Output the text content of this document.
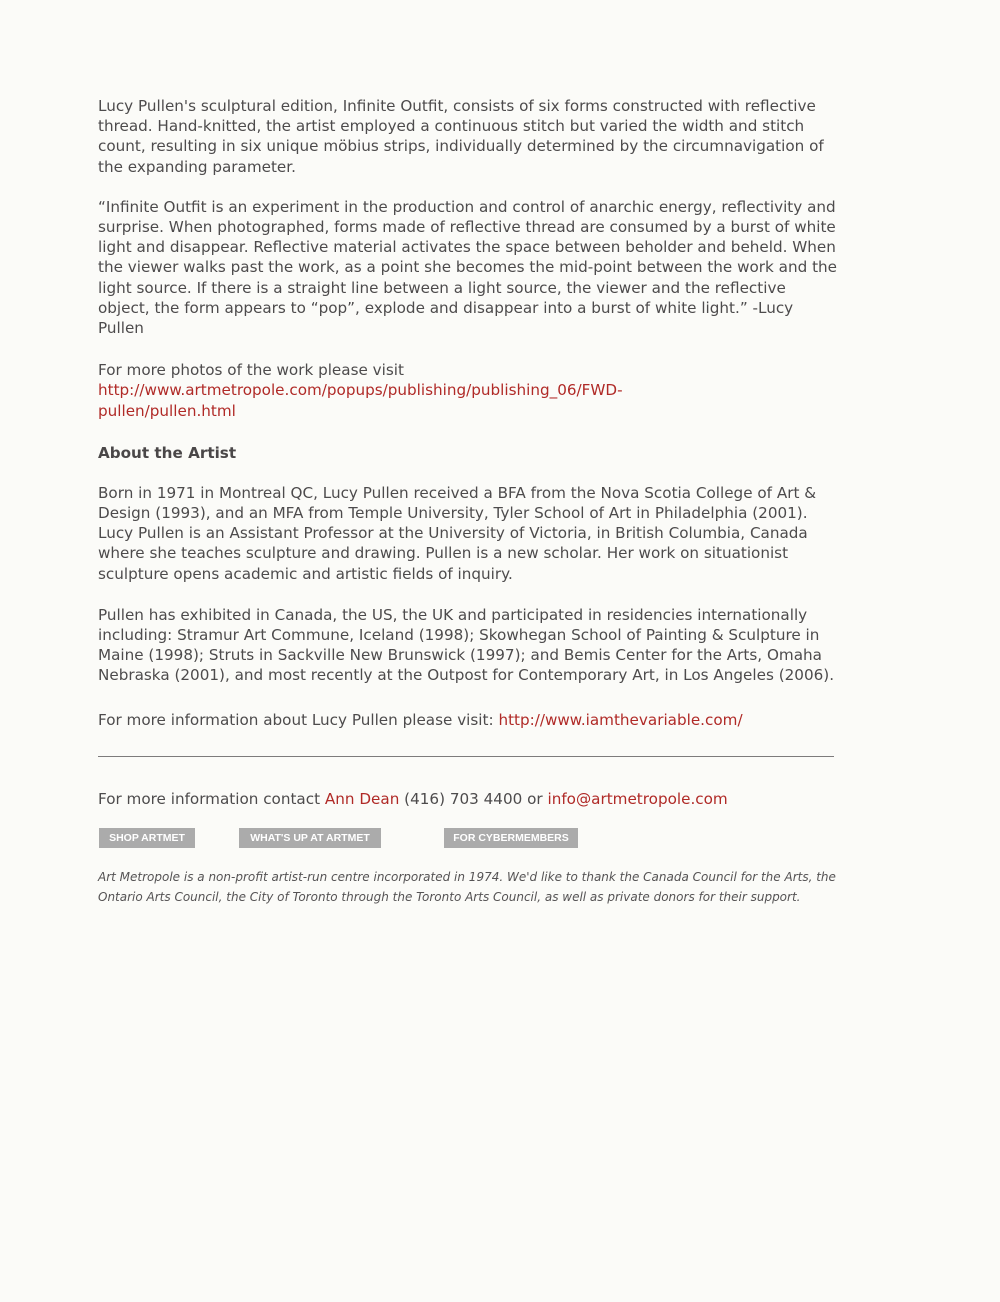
Lucy Pullen's sculptural edition, Infinite Outfit, consists of six forms constructed with reflective thread. Hand-knitted, the artist employed a continuous stitch but varied the width and stitch count, resulting in six unique möbius strips, individually determined by the circumnavigation of the expanding parameter.

“Infinite Outfit is an experiment in the production and control of anarchic energy, reflectivity and surprise. When photographed, forms made of reflective thread are consumed by a burst of white light and disappear. Reflective material activates the space between beholder and beheld. When the viewer walks past the work, as a point she becomes the mid-point between the work and the light source. If there is a straight line between a light source, the viewer and the reflective object, the form appears to “pop”, explode and disappear into a burst of white light.” -Lucy Pullen

For more photos of the work please visit
http://www.artmetropole.com/popups/publishing/publishing_06/FWD-
pullen/pullen.html
About the Artist

Born in 1971 in Montreal QC, Lucy Pullen received a BFA from the Nova Scotia College of Art & Design (1993), and an MFA from Temple University, Tyler School of Art in Philadelphia (2001). Lucy Pullen is an Assistant Professor at the University of Victoria, in British Columbia, Canada where she teaches sculpture and drawing. Pullen is a new scholar. Her work on situationist sculpture opens academic and artistic fields of inquiry.

Pullen has exhibited in Canada, the US, the UK and participated in residencies internationally including: Stramur Art Commune, Iceland (1998); Skowhegan School of Painting & Sculpture in Maine (1998); Struts in Sackville New Brunswick (1997); and Bemis Center for the Arts, Omaha Nebraska (2001), and most recently at the Outpost for Contemporary Art, in Los Angeles (2006).

For more information about Lucy Pullen please visit: http://www.iamthevariable.com/

For more information contact Ann Dean (416) 703 4400 or info@artmetropole.com
SHOP ARTMET	WHAT'S UP AT ARTMET	FOR CYBERMEMBERS

Art Metropole is a non-profit artist-run centre incorporated in 1974. We'd like to thank the Canada Council for the Arts, the Ontario Arts Council, the City of Toronto through the Toronto Arts Council, as well as private donors for their support.
